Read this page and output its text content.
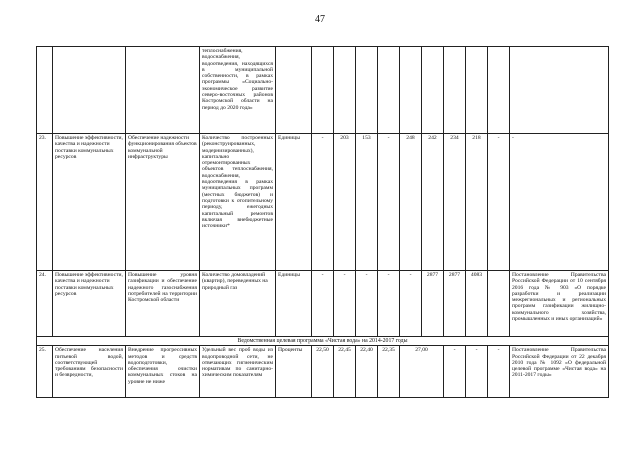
47
			теплоснабжения, водоснабжения, водоотведения, находящихся в муниципальной собственности, в рамках программы «Социально-экономическое развитие северо-восточных районов Костромской области на период до 2020 года»											
23.	Повышение эффективности, качества и надежности поставки коммунальных ресурсов	Обеспечение надежности функционирования объектов коммунальной инфраструктуры	Количество построенных (реконструированных, модернизированных), капитально отремонтированных объектов теплоснабжения, водоснабжения, водоотведения в рамках муниципальных программ (местных бюджетов) и подготовки к отопительному периоду, ежегодных капитальный ремонтов включая внебюджетные источники*	Единицы	-	203	153	-	248	242	234	218	-	-
24.	Повышение эффективности, качества и надежности поставки коммунальных ресурсов	Повышение уровня газификации и обеспечение надежного газоснабжения потребителей на территории Костромской области	Количество домовладений (квартир), переведенных на природный газ	Единицы	-	-	-	-	-	2877	2877	4083		Постановление Правительства Российской Федерации от 10 сентября 2016 года № 903 «О порядке разработки и реализации межрегиональных и региональных программ газификации жилищно-коммунального хозяйства, промышленных и иных организаций»
Ведомственная целевая программа «Чистая вода» на 2014-2017 годы														
25.	Обеспечение населения питьевой водой, соответствующей требованиям безопасности и безвредности,	Внедрение прогрессивных методов и средств водоподготовки, обеспечения очистки коммунальных стоков на уровне не ниже	Удельный вес проб воды из водопроводной сети, не отвечающих гигиеническим нормативам по санитарно-химическим показателям	Проценты	22,50	22,45	22,40	22,35	27,00		-	-	-	Постановление Правительства Российской Федерации от 22 декабря 2010 года № 1092 «О федеральной целевой программе «Чистая вода» на 2011-2017 годы»
